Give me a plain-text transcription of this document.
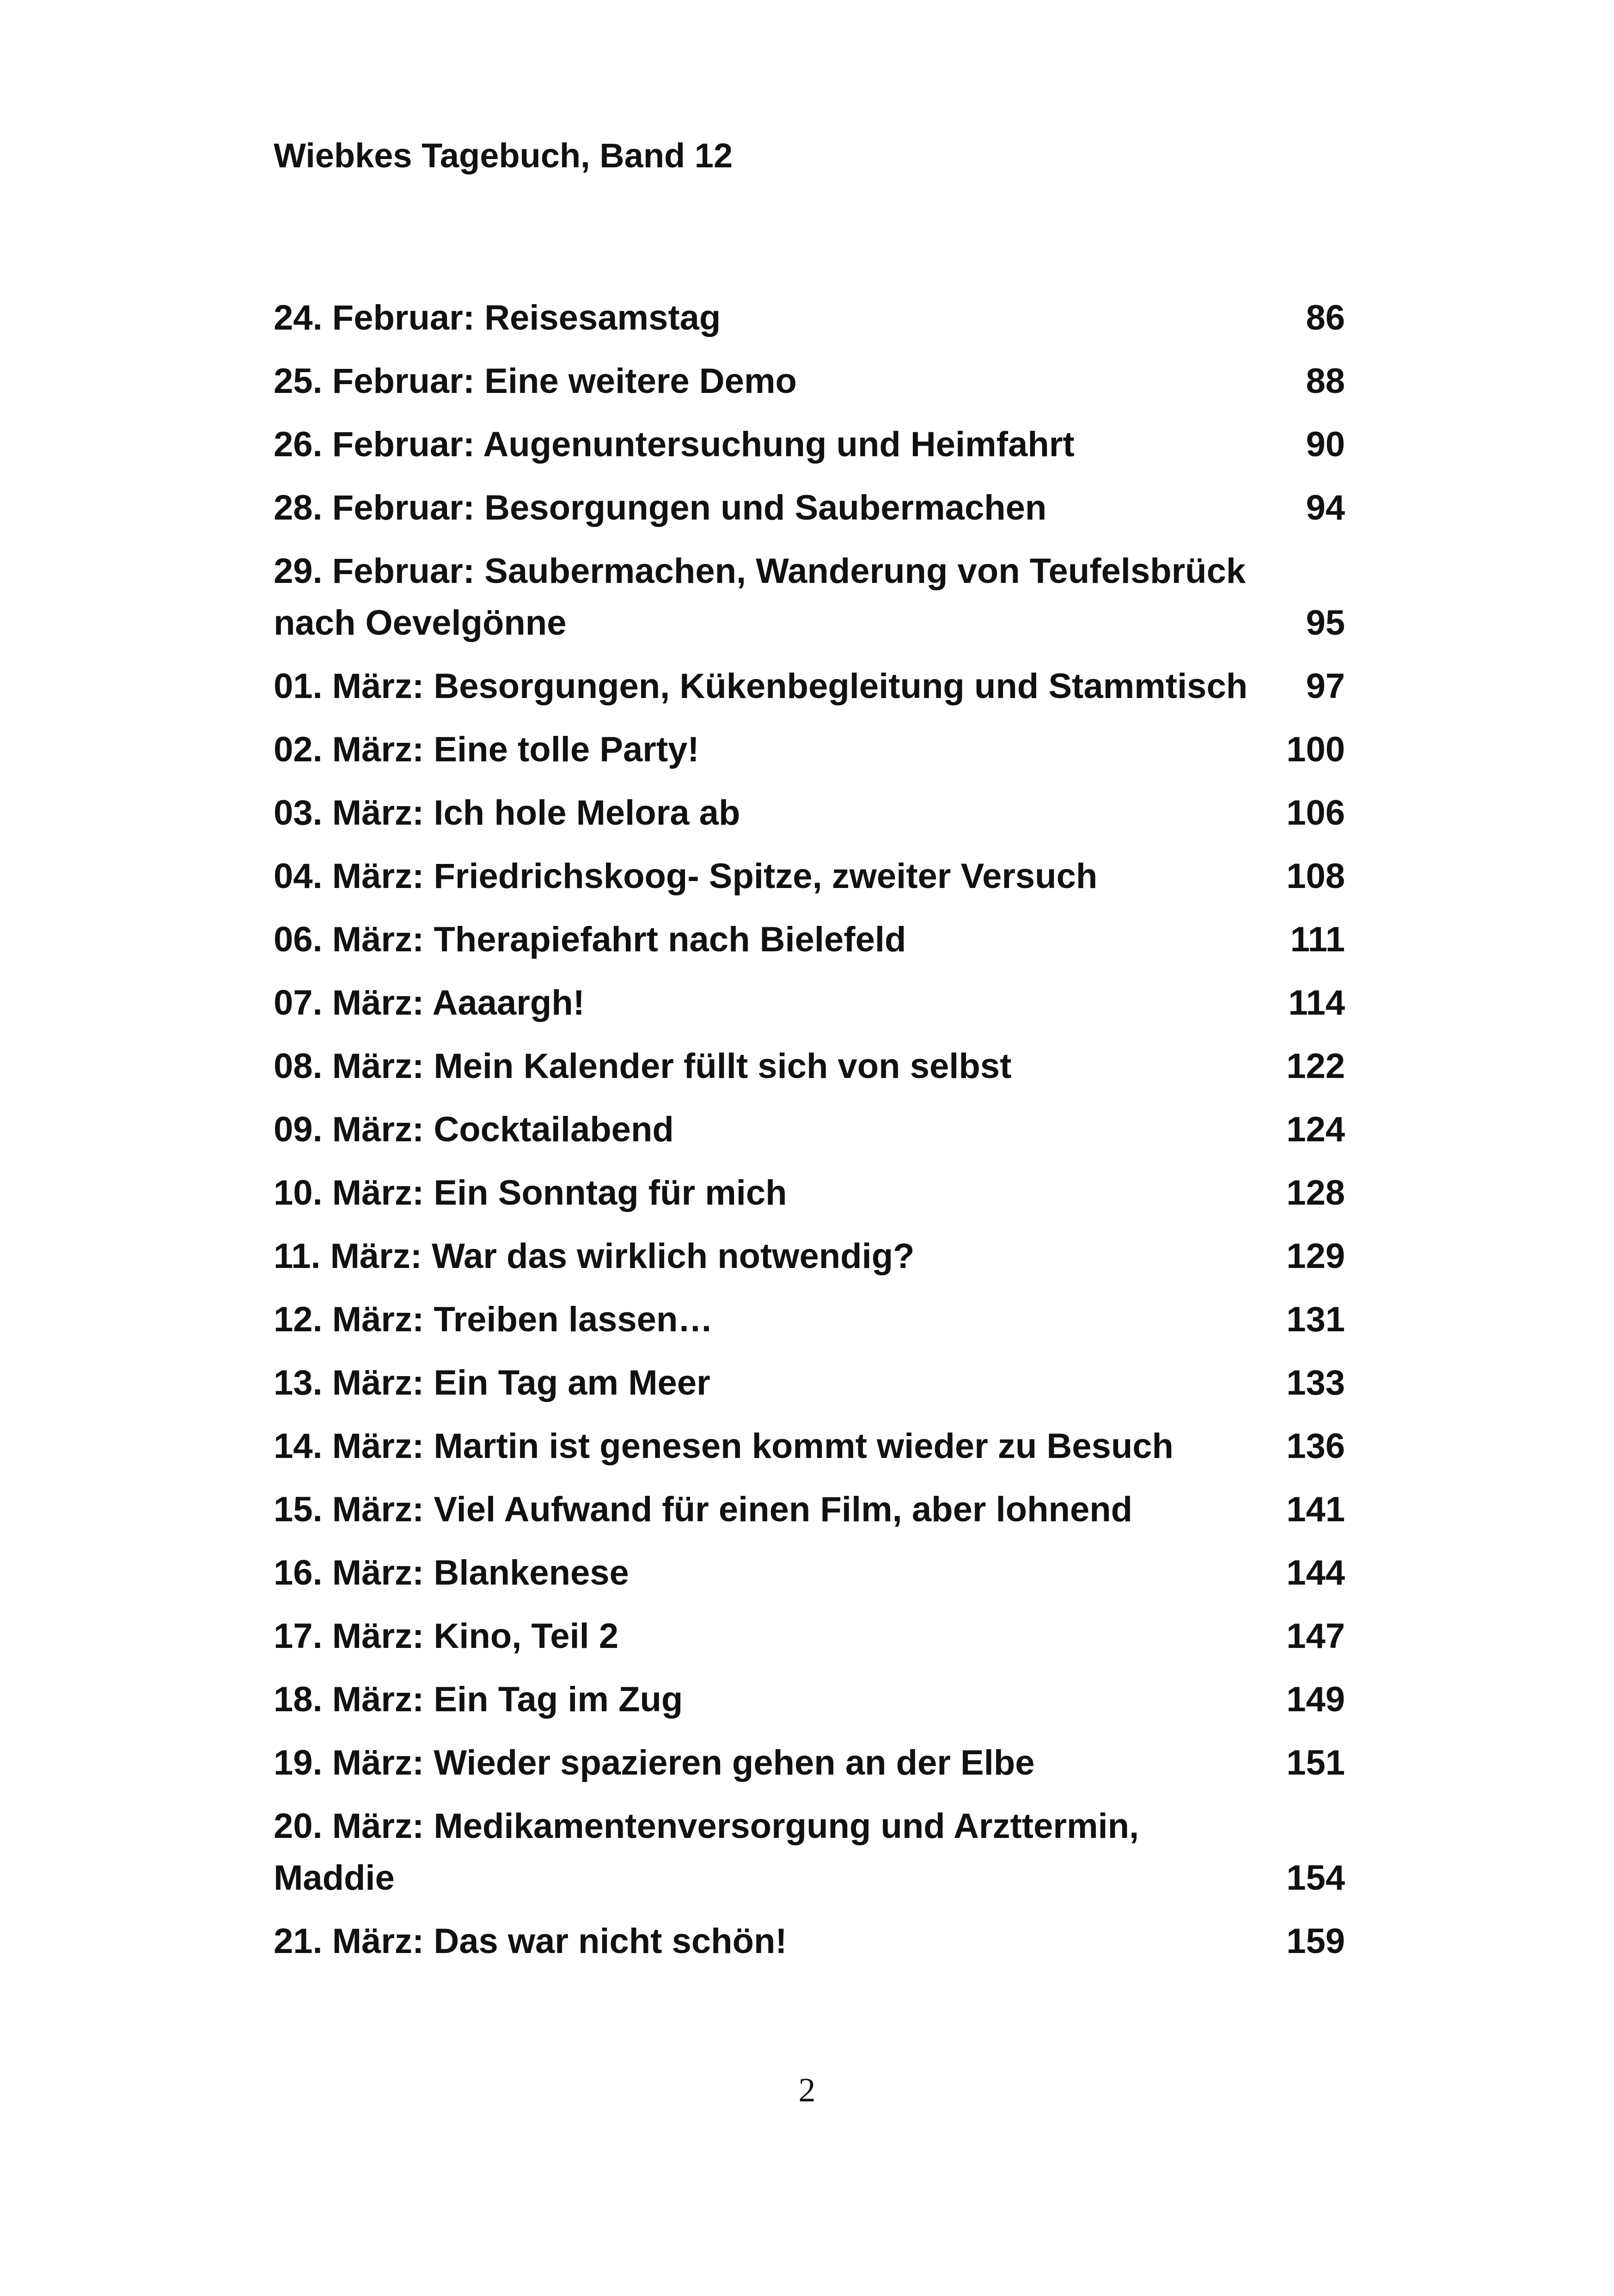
Wiebkes Tagebuch, Band 12
24. Februar: Reisesamstag	86
25. Februar: Eine weitere Demo	88
26. Februar: Augenuntersuchung und Heimfahrt	90
28. Februar: Besorgungen und Saubermachen	94
29. Februar: Saubermachen, Wanderung von Teufelsbrück
nach Oevelgönne	95
01. März: Besorgungen, Kükenbegleitung und Stammtisch	97
02. März: Eine tolle Party!	100
03. März: Ich hole Melora ab	106
04. März: Friedrichskoog- Spitze, zweiter Versuch	108
06. März: Therapiefahrt nach Bielefeld	111
07. März: Aaaargh!	114
08. März: Mein Kalender füllt sich von selbst	122
09. März: Cocktailabend	124
10. März: Ein Sonntag für mich	128
11. März: War das wirklich notwendig?	129
12. März: Treiben lassen…	131
13. März: Ein Tag am Meer	133
14. März: Martin ist genesen kommt wieder zu Besuch	136
15. März: Viel Aufwand für einen Film, aber lohnend	141
16. März: Blankenese	144
17. März: Kino, Teil 2	147
18. März: Ein Tag im Zug	149
19. März: Wieder spazieren gehen an der Elbe	151
20. März: Medikamentenversorgung und Arzttermin,
Maddie	154
21. März: Das war nicht schön!	159
2
